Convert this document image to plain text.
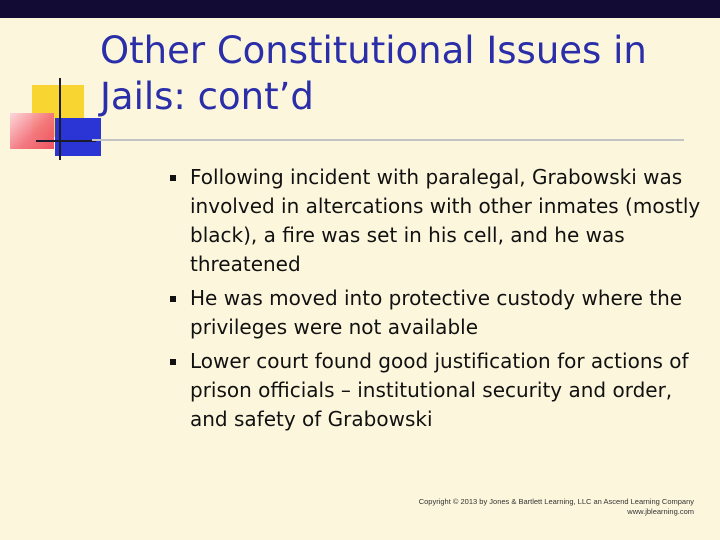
Other Constitutional Issues in Jails: cont’d
Following incident with paralegal, Grabowski was involved in altercations with other inmates (mostly black), a fire was set in his cell, and he was threatened
He was moved into protective custody where the privileges were not available
Lower court found good justification for actions of prison officials – institutional security and order, and safety of Grabowski
Copyright © 2013 by Jones & Bartlett Learning, LLC an Ascend Learning Company
www.jblearning.com
